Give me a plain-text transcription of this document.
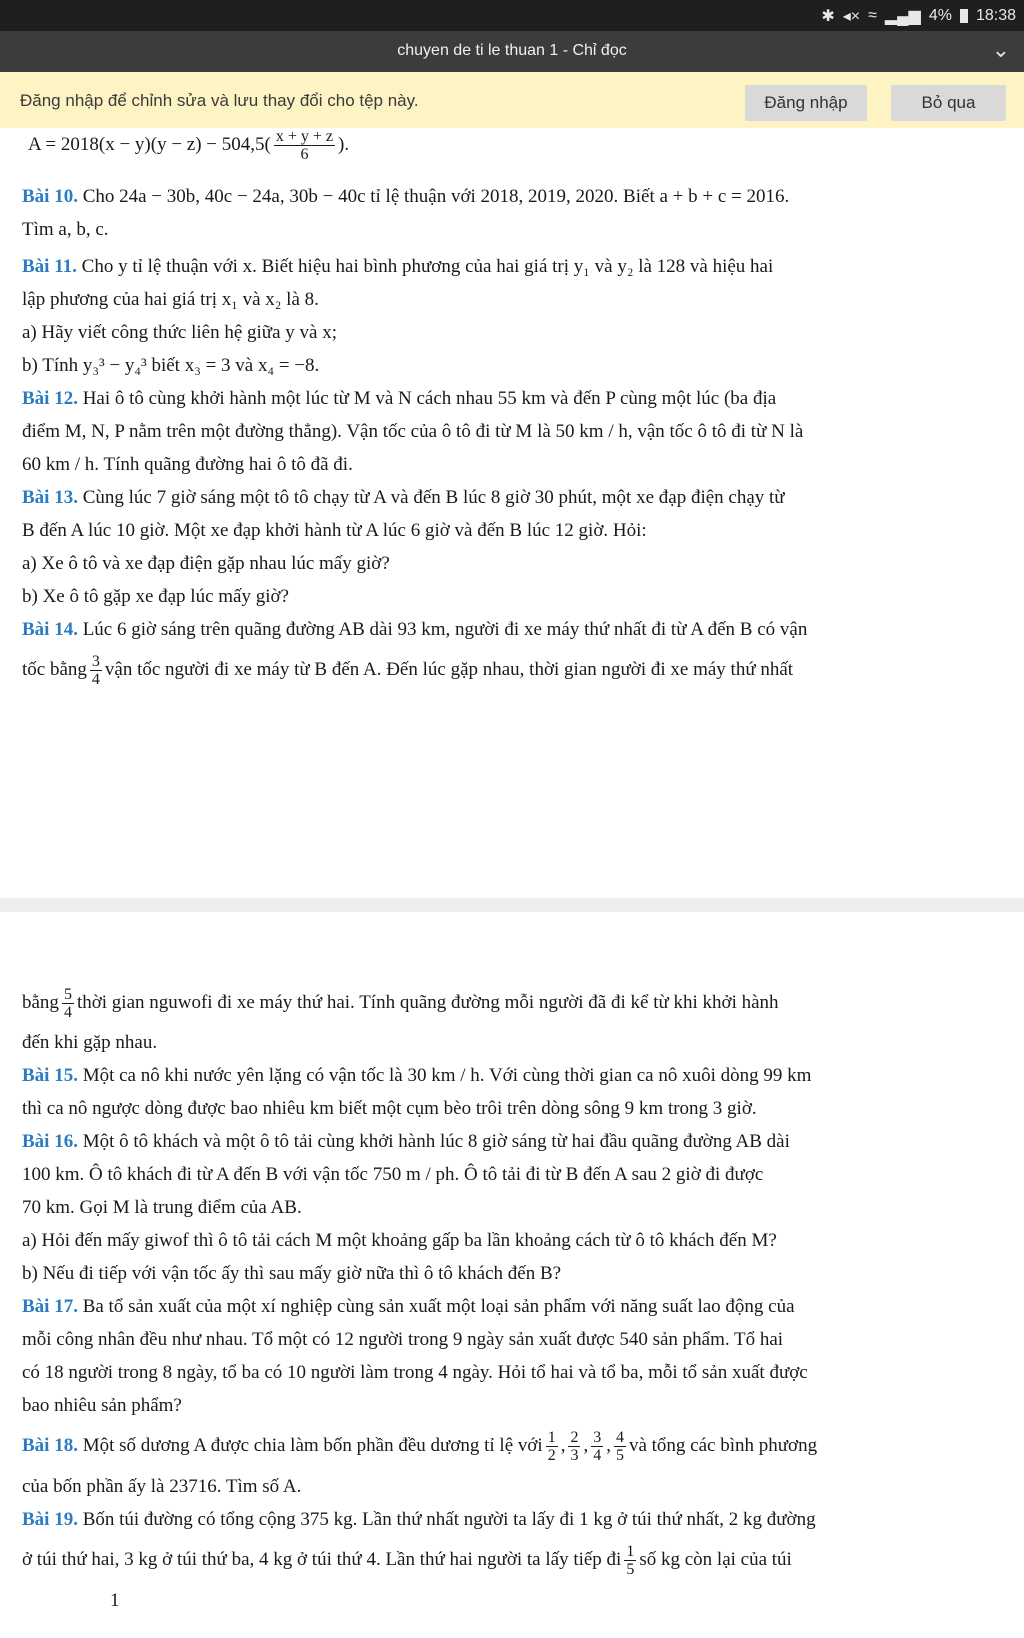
✱ ◂× ≈ ▂▄▆ 4% 18:38
chuyen de ti le thuan 1 - Chỉ đọc	⌄
Đăng nhập để chỉnh sửa và lưu thay đổi cho tệp này.	Đăng nhập	Bỏ qua
$A = 2018(x - y)(y - z) - 504,5( \frac{x + y + z}{6}$ ).

Bài 10. Cho 24a − 30b, 40c − 24a, 30b − 40c tỉ lệ thuận với 2018, 2019, 2020. Biết a + b + c = 2016.

Tìm a, b, c.

Bài 11. Cho y tỉ lệ thuận với x. Biết hiệu hai bình phương của hai giá trị y₁ và y₂ là 128 và hiệu hai

lập phương của hai giá trị x₁ và x₂ là 8.

a) Hãy viết công thức liên hệ giữa y và x;

b) Tính y₃³ − y₄³ biết x₃ = 3 và x₄ = −8.

Bài 12. Hai ô tô cùng khởi hành một lúc từ M và N cách nhau 55 km và đến P cùng một lúc (ba địa

điểm M, N, P nằm trên một đường thẳng). Vận tốc của ô tô đi từ M là 50 km / h, vận tốc ô tô đi từ N là

60 km / h. Tính quãng đường hai ô tô đã đi.

Bài 13. Cùng lúc 7 giờ sáng một tô tô chạy từ A và đến B lúc 8 giờ 30 phút, một xe đạp điện chạy từ

B đến A lúc 10 giờ. Một xe đạp khởi hành từ A lúc 6 giờ và đến B lúc 12 giờ. Hỏi:

a) Xe ô tô và xe đạp điện gặp nhau lúc mấy giờ?

b) Xe ô tô gặp xe đạp lúc mấy giờ?

Bài 14. Lúc 6 giờ sáng trên quãng đường AB dài 93 km, người đi xe máy thứ nhất đi từ A đến B có vận

tốc bằng $\frac{3}{4}$ vận tốc người đi xe máy từ B đến A. Đến lúc gặp nhau, thời gian người đi xe máy thứ nhất

bằng $\frac{5}{4}$ thời gian nguwofi đi xe máy thứ hai. Tính quãng đường mỗi người đã đi kể từ khi khởi hành

đến khi gặp nhau.

Bài 15. Một ca nô khi nước yên lặng có vận tốc là 30 km / h. Với cùng thời gian ca nô xuôi dòng 99 km

thì ca nô ngược dòng được bao nhiêu km biết một cụm bèo trôi trên dòng sông 9 km trong 3 giờ.

Bài 16. Một ô tô khách và một ô tô tải cùng khởi hành lúc 8 giờ sáng từ hai đầu quãng đường AB dài

100 km. Ô tô khách đi từ A đến B với vận tốc 750 m / ph. Ô tô tải đi từ B đến A sau 2 giờ đi được

70 km. Gọi M là trung điểm của AB.

a) Hỏi đến mấy giwof thì ô tô tải cách M một khoảng gấp ba lần khoảng cách từ ô tô khách đến M?

b) Nếu đi tiếp với vận tốc ấy thì sau mấy giờ nữa thì ô tô khách đến B?

Bài 17. Ba tổ sản xuất của một xí nghiệp cùng sản xuất một loại sản phẩm với năng suất lao động của

mỗi công nhân đều như nhau. Tổ một có 12 người trong 9 ngày sản xuất được 540 sản phẩm. Tổ hai

có 18 người trong 8 ngày, tổ ba có 10 người làm trong 4 ngày. Hỏi tổ hai và tổ ba, mỗi tổ sản xuất được

bao nhiêu sản phẩm?

Bài 18. Một số dương A được chia làm bốn phần đều dương tỉ lệ với $\frac{1}{2}$ , $\frac{2}{3}$ , $\frac{3}{4}$ , $\frac{4}{5}$ và tổng các bình phương

của bốn phần ấy là 23716. Tìm số A.

Bài 19. Bốn túi đường có tổng cộng 375 kg. Lần thứ nhất người ta lấy đi 1 kg ở túi thứ nhất, 2 kg đường

ở túi thứ hai, 3 kg ở túi thứ ba, 4 kg ở túi thứ 4. Lần thứ hai người ta lấy tiếp đi $\frac{1}{5}$ số kg còn lại của túi

1
